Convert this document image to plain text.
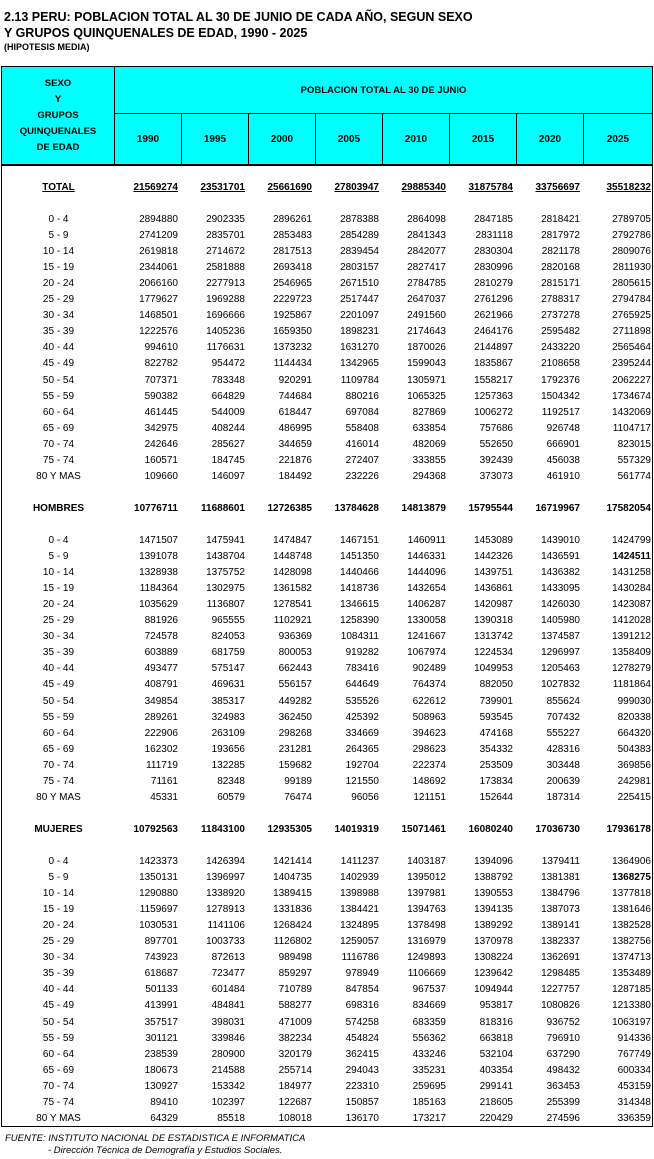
2.13 PERU: POBLACION TOTAL AL 30 DE JUNIO DE CADA AÑO, SEGUN SEXO
Y GRUPOS QUINQUENALES DE EDAD, 1990 - 2025
(HIPOTESIS MEDIA)
SEXO
Y
GRUPOS
QUINQUENALES
DE EDAD
POBLACION TOTAL AL 30 DE JUNIO
1990	1995	2000	2005	2010	2015	2020	2025
TOTAL	21569274	23531701	25661690	27803947	29885340	31875784	33756697	35518232
0 - 4	2894880	2902335	2896261	2878388	2864098	2847185	2818421	2789705
5 - 9	2741209	2835701	2853483	2854289	2841343	2831118	2817972	2792786
10 - 14	2619818	2714672	2817513	2839454	2842077	2830304	2821178	2809076
15 - 19	2344061	2581888	2693418	2803157	2827417	2830996	2820168	2811930
20 - 24	2066160	2277913	2546965	2671510	2784785	2810279	2815171	2805615
25 - 29	1779627	1969288	2229723	2517447	2647037	2761296	2788317	2794784
30 - 34	1468501	1696666	1925867	2201097	2491560	2621966	2737278	2765925
35 - 39	1222576	1405236	1659350	1898231	2174643	2464176	2595482	2711898
40 - 44	994610	1176631	1373232	1631270	1870026	2144897	2433220	2565464
45 - 49	822782	954472	1144434	1342965	1599043	1835867	2108658	2395244
50 - 54	707371	783348	920291	1109784	1305971	1558217	1792376	2062227
55 - 59	590382	664829	744684	880216	1065325	1257363	1504342	1734674
60 - 64	461445	544009	618447	697084	827869	1006272	1192517	1432069
65 - 69	342975	408244	486995	558408	633854	757686	926748	1104717
70 - 74	242646	285627	344659	416014	482069	552650	666901	823015
75 - 74	160571	184745	221876	272407	333855	392439	456038	557329
80 Y MAS	109660	146097	184492	232226	294368	373073	461910	561774
HOMBRES	10776711	11688601	12726385	13784628	14813879	15795544	16719967	17582054
0 - 4	1471507	1475941	1474847	1467151	1460911	1453089	1439010	1424799
5 - 9	1391078	1438704	1448748	1451350	1446331	1442326	1436591	1424511
10 - 14	1328938	1375752	1428098	1440466	1444096	1439751	1436382	1431258
15 - 19	1184364	1302975	1361582	1418736	1432654	1436861	1433095	1430284
20 - 24	1035629	1136807	1278541	1346615	1406287	1420987	1426030	1423087
25 - 29	881926	965555	1102921	1258390	1330058	1390318	1405980	1412028
30 - 34	724578	824053	936369	1084311	1241667	1313742	1374587	1391212
35 - 39	603889	681759	800053	919282	1067974	1224534	1296997	1358409
40 - 44	493477	575147	662443	783416	902489	1049953	1205463	1278279
45 - 49	408791	469631	556157	644649	764374	882050	1027832	1181864
50 - 54	349854	385317	449282	535526	622612	739901	855624	999030
55 - 59	289261	324983	362450	425392	508963	593545	707432	820338
60 - 64	222906	263109	298268	334669	394623	474168	555227	664320
65 - 69	162302	193656	231281	264365	298623	354332	428316	504383
70 - 74	111719	132285	159682	192704	222374	253509	303448	369856
75 - 74	71161	82348	99189	121550	148692	173834	200639	242981
80 Y MAS	45331	60579	76474	96056	121151	152644	187314	225415
MUJERES	10792563	11843100	12935305	14019319	15071461	16080240	17036730	17936178
0 - 4	1423373	1426394	1421414	1411237	1403187	1394096	1379411	1364906
5 - 9	1350131	1396997	1404735	1402939	1395012	1388792	1381381	1368275
10 - 14	1290880	1338920	1389415	1398988	1397981	1390553	1384796	1377818
15 - 19	1159697	1278913	1331836	1384421	1394763	1394135	1387073	1381646
20 - 24	1030531	1141106	1268424	1324895	1378498	1389292	1389141	1382528
25 - 29	897701	1003733	1126802	1259057	1316979	1370978	1382337	1382756
30 - 34	743923	872613	989498	1116786	1249893	1308224	1362691	1374713
35 - 39	618687	723477	859297	978949	1106669	1239642	1298485	1353489
40 - 44	501133	601484	710789	847854	967537	1094944	1227757	1287185
45 - 49	413991	484841	588277	698316	834669	953817	1080826	1213380
50 - 54	357517	398031	471009	574258	683359	818316	936752	1063197
55 - 59	301121	339846	382234	454824	556362	663818	796910	914336
60 - 64	238539	280900	320179	362415	433246	532104	637290	767749
65 - 69	180673	214588	255714	294043	335231	403354	498432	600334
70 - 74	130927	153342	184977	223310	259695	299141	363453	453159
75 - 74	89410	102397	122687	150857	185163	218605	255399	314348
80 Y MAS	64329	85518	108018	136170	173217	220429	274596	336359
FUENTE: INSTITUTO NACIONAL DE ESTADISTICA E INFORMATICA
- Dirección Técnica de Demografía y Estudios Sociales.
